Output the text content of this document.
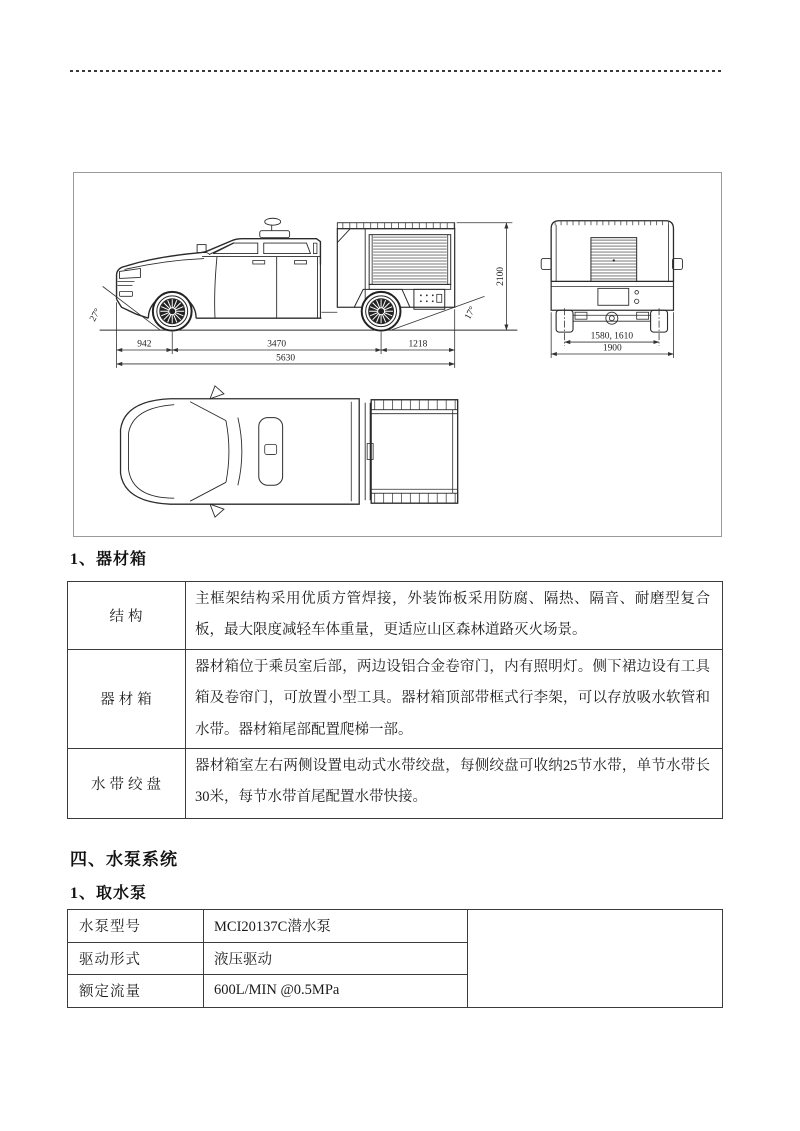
942	3470	1218
5630
2100
27°	17°
1580, 1610
1900
1、器材箱
结构	主框架结构采用优质方管焊接，外装饰板采用防腐、隔热、隔音、耐磨型复合板，最大限度减轻车体重量，更适应山区森林道路灭火场景。
器材箱	器材箱位于乘员室后部，两边设铝合金卷帘门，内有照明灯。侧下裙边设有工具箱及卷帘门，可放置小型工具。器材箱顶部带框式行李架，可以存放吸水软管和水带。器材箱尾部配置爬梯一部。
水带绞盘	器材箱室左右两侧设置电动式水带绞盘，每侧绞盘可收纳25节水带，单节水带长30米，每节水带首尾配置水带快接。
四、水泵系统
1、取水泵
水泵型号	MCI20137C潜水泵	
驱动形式	液压驱动	
额定流量	600L/MIN @0.5MPa	
